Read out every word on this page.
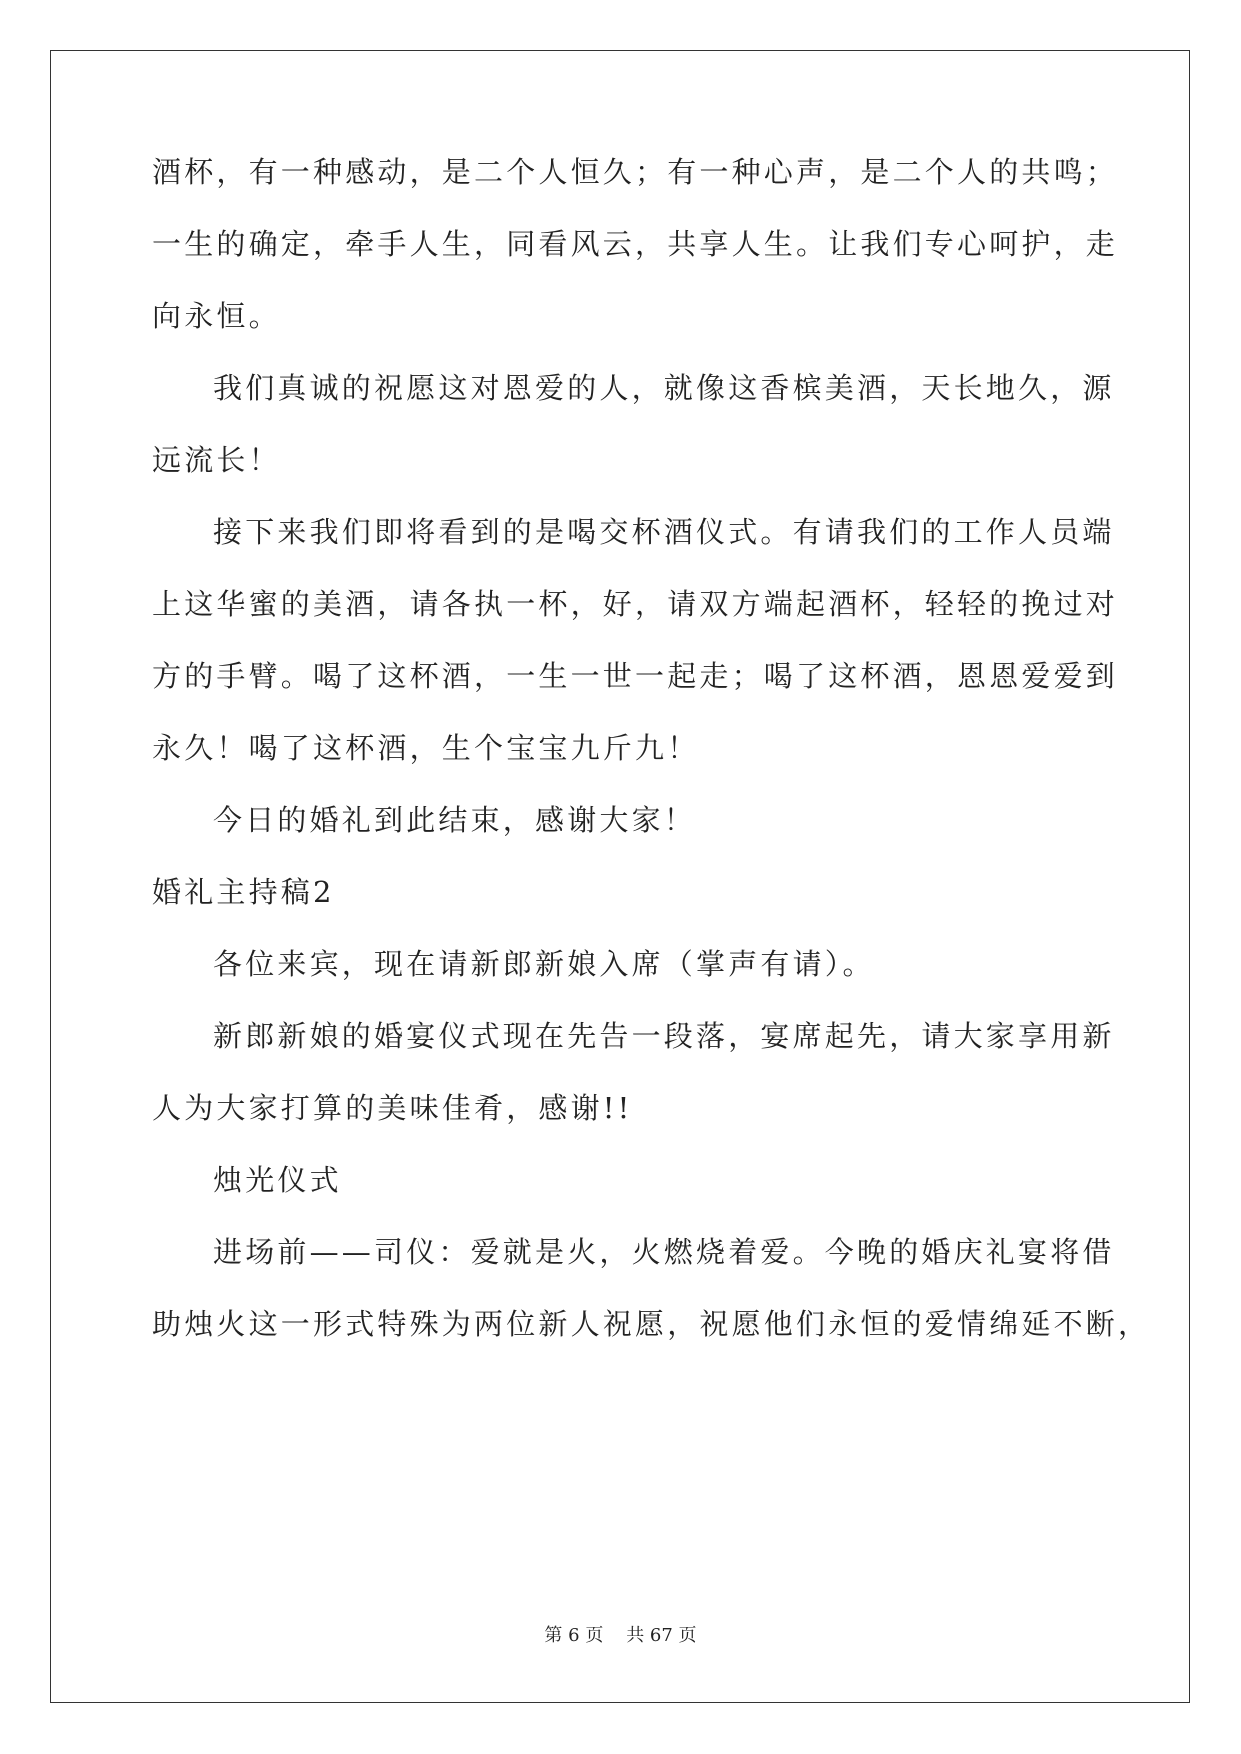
酒杯，有一种感动，是二个人恒久；有一种心声，是二个人的共鸣；
一生的确定，牵手人生，同看风云，共享人生。让我们专心呵护，走
向永恒。
我们真诚的祝愿这对恩爱的人，就像这香槟美酒，天长地久，源
远流长！
接下来我们即将看到的是喝交杯酒仪式。有请我们的工作人员端
上这华蜜的美酒，请各执一杯，好，请双方端起酒杯，轻轻的挽过对
方的手臂。喝了这杯酒，一生一世一起走；喝了这杯酒，恩恩爱爱到
永久！喝了这杯酒，生个宝宝九斤九！
今日的婚礼到此结束，感谢大家！
婚礼主持稿2
各位来宾，现在请新郎新娘入席（掌声有请）。
新郎新娘的婚宴仪式现在先告一段落，宴席起先，请大家享用新
人为大家打算的美味佳肴，感谢!!
烛光仪式
进场前——司仪：爱就是火，火燃烧着爱。今晚的婚庆礼宴将借
助烛火这一形式特殊为两位新人祝愿，祝愿他们永恒的爱情绵延不断，
第 6 页    共 67 页
